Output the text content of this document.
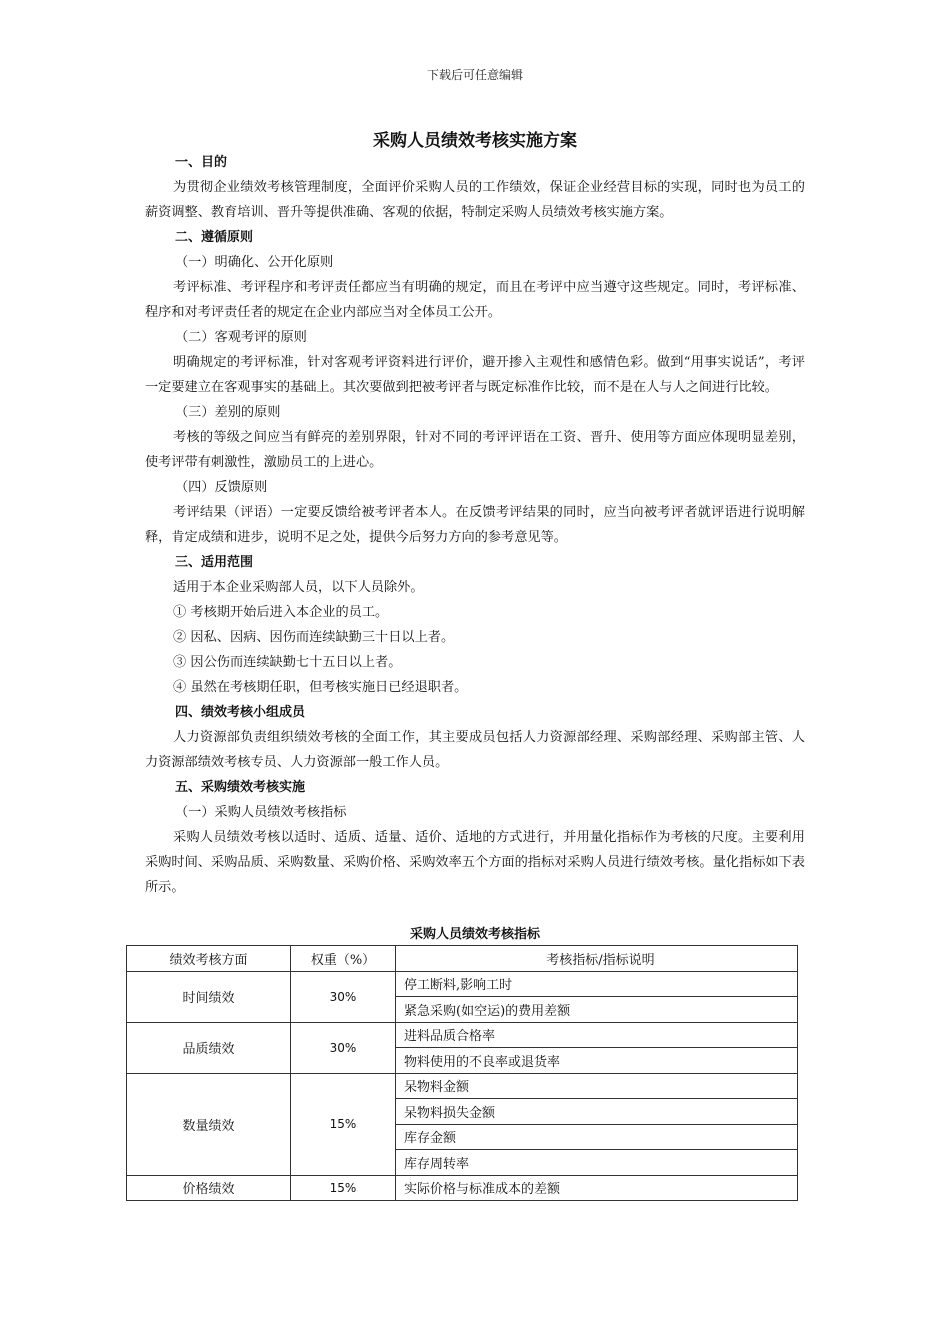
下载后可任意编辑
采购人员绩效考核实施方案
一、目的

为贯彻企业绩效考核管理制度，全面评价采购人员的工作绩效，保证企业经营目标的实现，同时也为员工的薪资调整、教育培训、晋升等提供准确、客观的依据，特制定采购人员绩效考核实施方案。

二、遵循原则
（一）明确化、公开化原则

考评标准、考评程序和考评责任都应当有明确的规定，而且在考评中应当遵守这些规定。同时，考评标准、程序和对考评责任者的规定在企业内部应当对全体员工公开。

（二）客观考评的原则

明确规定的考评标准，针对客观考评资料进行评价，避开掺入主观性和感情色彩。做到“用事实说话”，考评一定要建立在客观事实的基础上。其次要做到把被考评者与既定标准作比较，而不是在人与人之间进行比较。

（三）差别的原则

考核的等级之间应当有鲜亮的差别界限，针对不同的考评评语在工资、晋升、使用等方面应体现明显差别，使考评带有刺激性，激励员工的上进心。

（四）反馈原则

考评结果（评语）一定要反馈给被考评者本人。在反馈考评结果的同时，应当向被考评者就评语进行说明解释，肯定成绩和进步，说明不足之处，提供今后努力方向的参考意见等。

三、适用范围
适用于本企业采购部人员，以下人员除外。
① 考核期开始后进入本企业的员工。
② 因私、因病、因伤而连续缺勤三十日以上者。
③ 因公伤而连续缺勤七十五日以上者。
④ 虽然在考核期任职，但考核实施日已经退职者。
四、绩效考核小组成员

人力资源部负责组织绩效考核的全面工作，其主要成员包括人力资源部经理、采购部经理、采购部主管、人力资源部绩效考核专员、人力资源部一般工作人员。

五、采购绩效考核实施
（一）采购人员绩效考核指标

采购人员绩效考核以适时、适质、适量、适价、适地的方式进行，并用量化指标作为考核的尺度。主要利用采购时间、采购品质、采购数量、采购价格、采购效率五个方面的指标对采购人员进行绩效考核。量化指标如下表所示。

采购人员绩效考核指标
绩效考核方面	权重（%）	考核指标/指标说明
时间绩效	30%	停工断料,影响工时
		紧急采购(如空运)的费用差额
品质绩效	30%	进料品质合格率
		物料使用的不良率或退货率
数量绩效	15%	呆物料金额
		呆物料损失金额
		库存金额
		库存周转率
价格绩效	15%	实际价格与标准成本的差额
